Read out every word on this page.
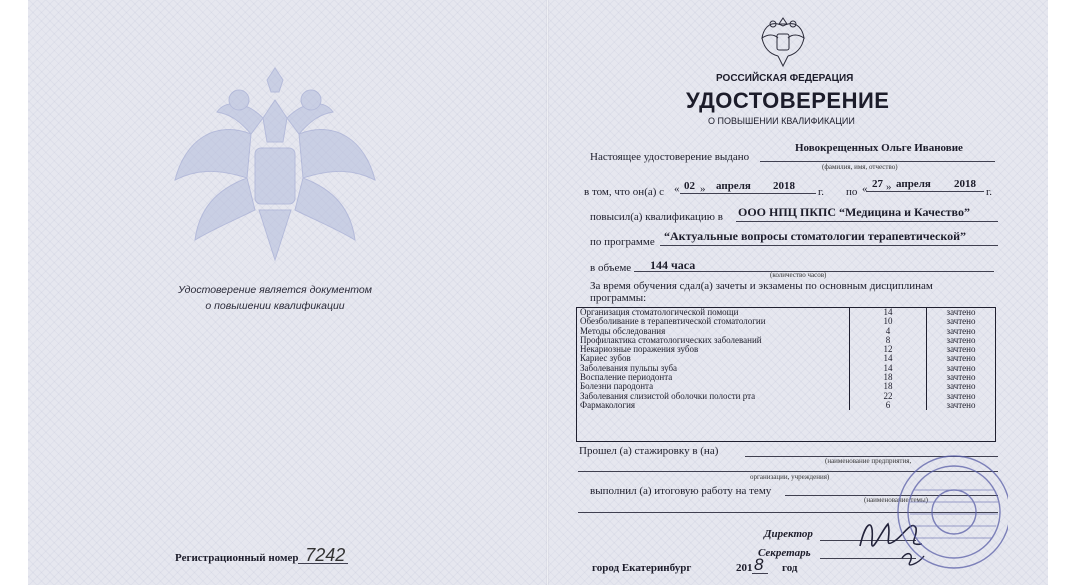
Удостоверение является документом
о повышении квалификации
Регистрационный номер 7242
РОССИЙСКАЯ ФЕДЕРАЦИЯ
УДОСТОВЕРЕНИЕ
О ПОВЫШЕНИИ КВАЛИФИКАЦИИ
Настоящее удостоверение выдано
Новокрещенных Ольге Ивановие
(фамилия, имя, отчество)
в том, что он(а) с « 02 » апреля 2018 г. по « 27 » апреля 2018
г.
повысил(а) квалификацию в ООО НПЦ ПКПС “Медицина и Качество”
по программе “Актуальные вопросы стоматологии терапевтической”
в объеме 144 часа
(количество часов)
За время обучения сдал(а) зачеты и экзамены по основным дисциплинам
программы:
Организация стоматологической помощи	14	зачтено
Обезболивание в терапевтической стоматологии	10	зачтено
Методы обследования	4	зачтено
Профилактика стоматологических заболеваний	8	зачтено
Некариозные поражения зубов	12	зачтено
Кариес зубов	14	зачтено
Заболевания пульпы зуба	14	зачтено
Воспаление периодонта	18	зачтено
Болезни пародонта	18	зачтено
Заболевания слизистой оболочки полости рта	22	зачтено
Фармакология	6	зачтено
Прошел (а) стажировку в (на)
(наименование предприятия,
организации, учреждения)
выполнил (а) итоговую работу на тему
(наименование темы)
Директор
Секретарь
город Екатеринбург	201 8 год
